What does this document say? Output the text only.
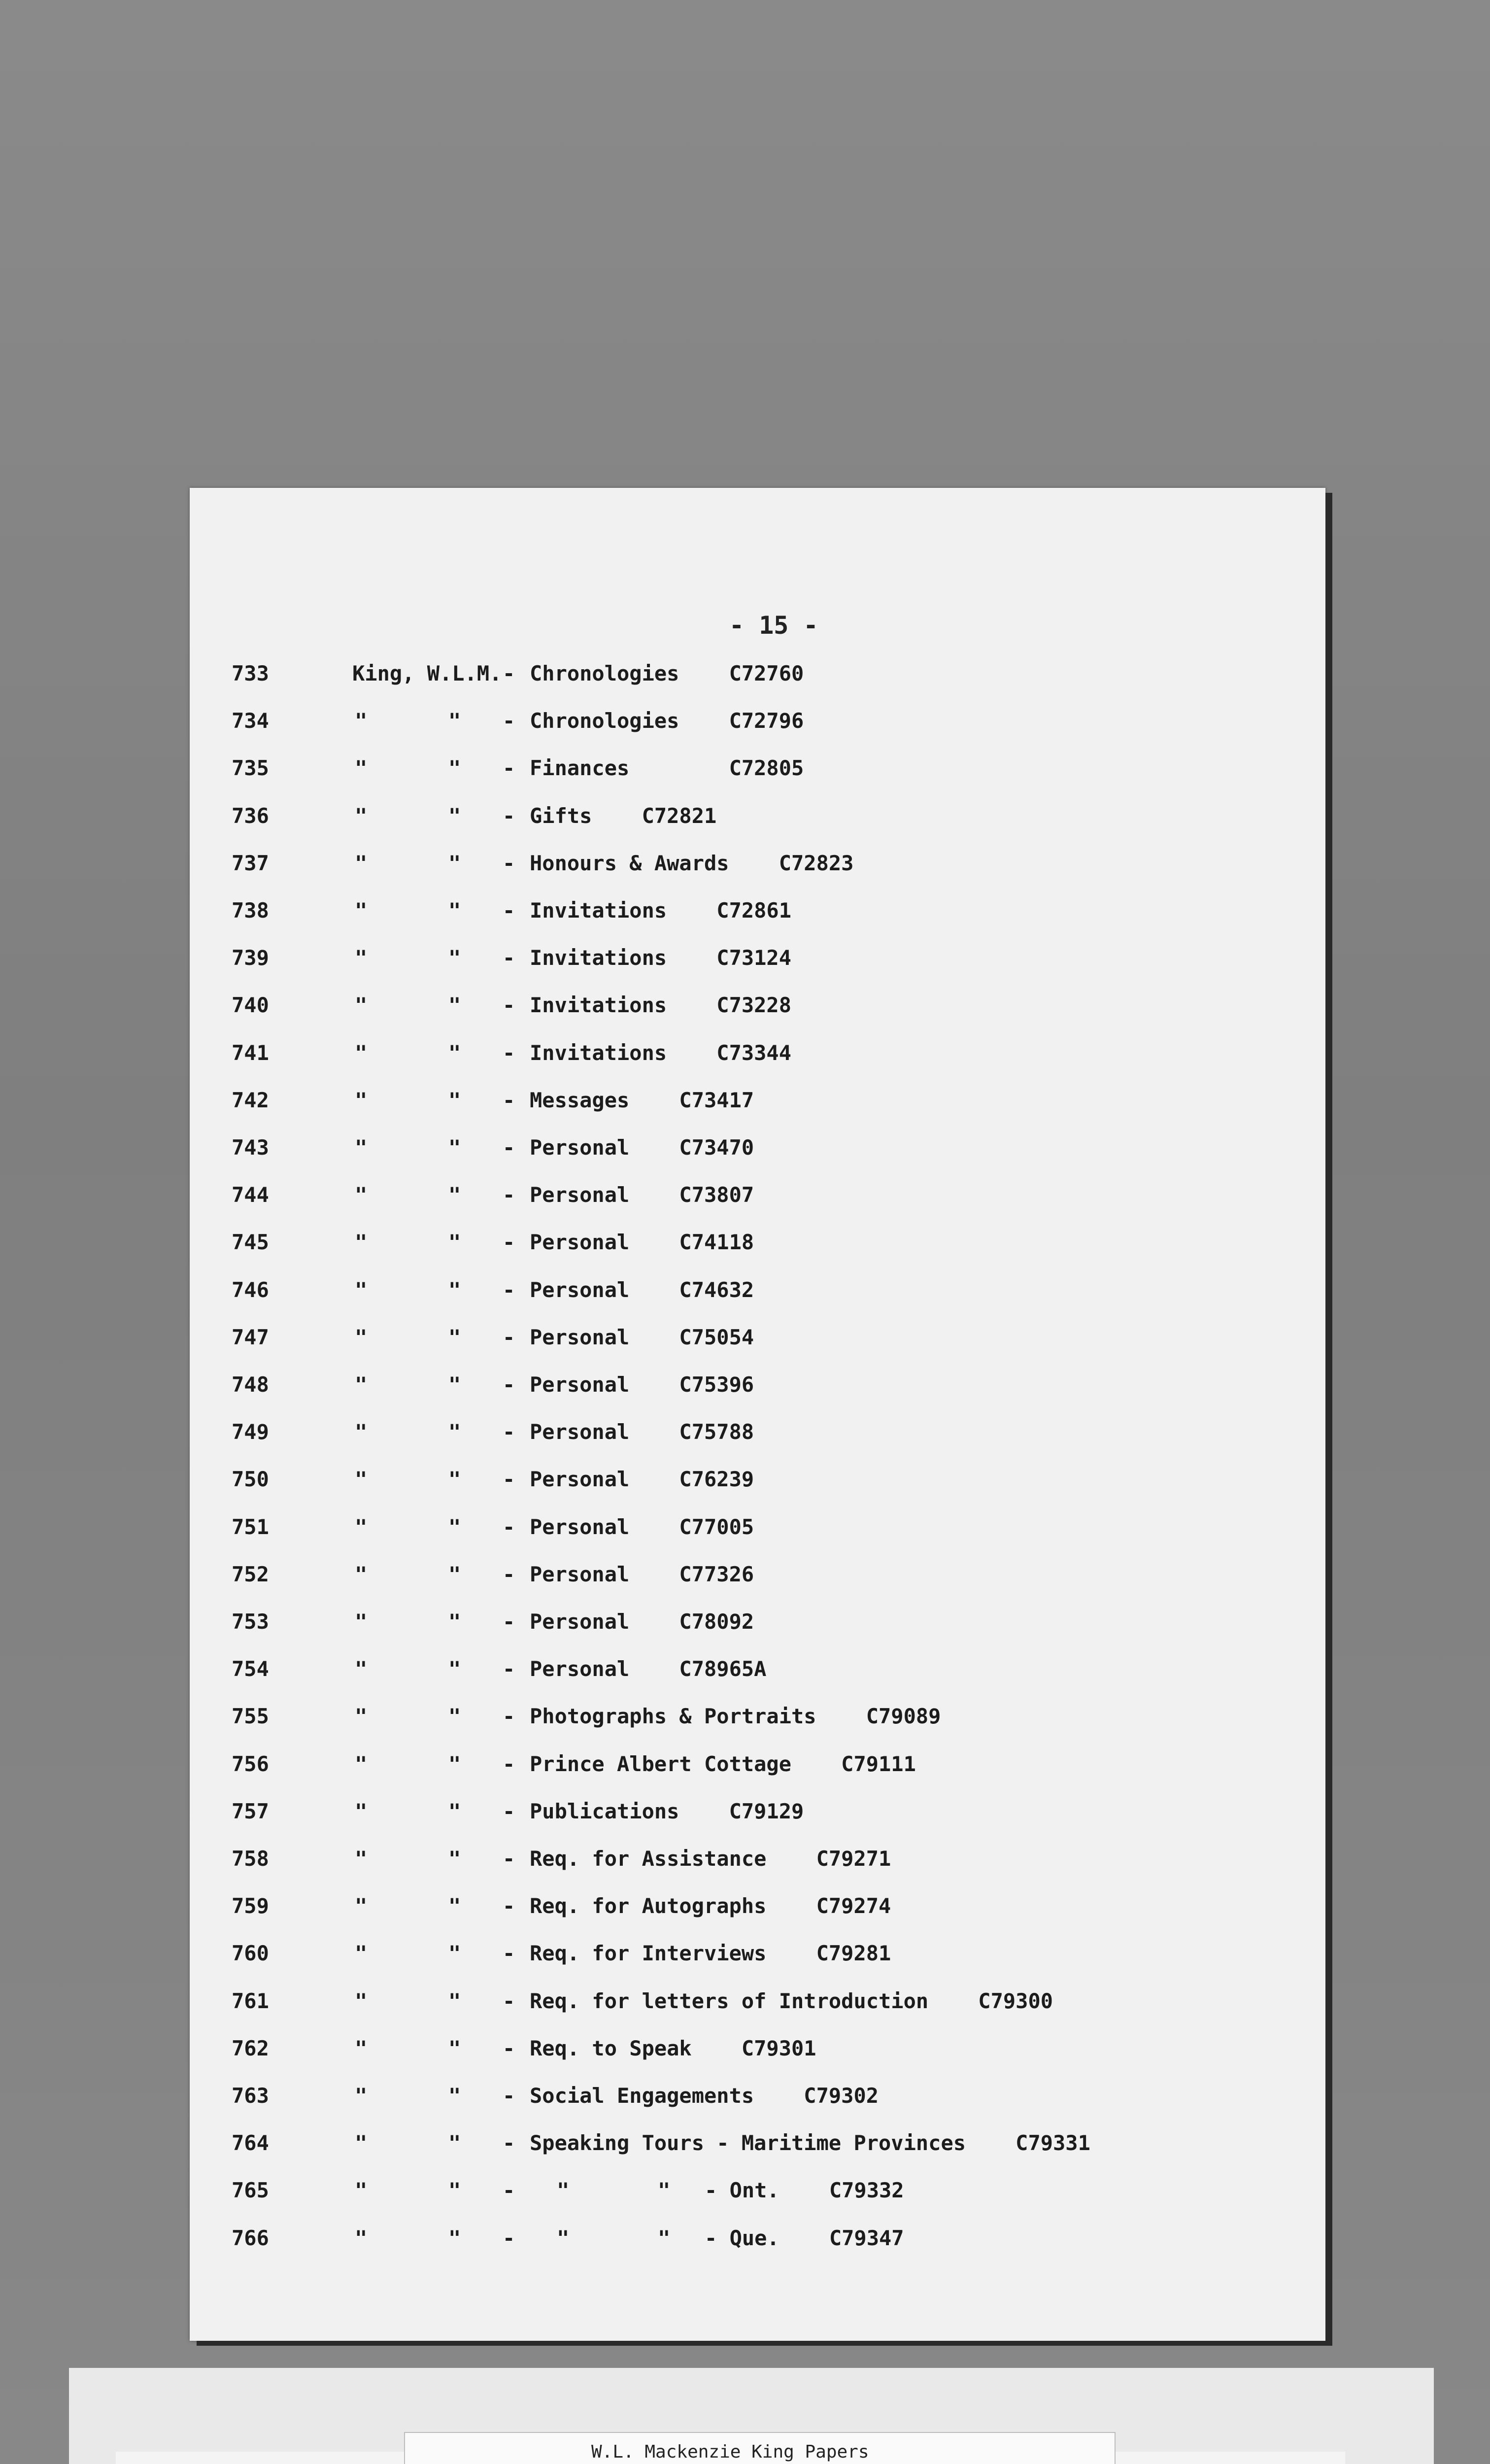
- 15 -
733	King, W.L.M. - Chronologies    C72760
734	"	" - Chronologies    C72796
735	"	" - Finances        C72805
736	"	" - Gifts    C72821
737	"	" - Honours & Awards    C72823
738	"	" - Invitations    C72861
739	"	" - Invitations    C73124
740	"	" - Invitations    C73228
741	"	" - Invitations    C73344
742	"	" - Messages    C73417
743	"	" - Personal    C73470
744	"	" - Personal    C73807
745	"	" - Personal    C74118
746	"	" - Personal    C74632
747	"	" - Personal    C75054
748	"	" - Personal    C75396
749	"	" - Personal    C75788
750	"	" - Personal    C76239
751	"	" - Personal    C77005
752	"	" - Personal    C77326
753	"	" - Personal    C78092
754	"	" - Personal    C78965A
755	"	" - Photographs & Portraits    C79089
756	"	" - Prince Albert Cottage    C79111
757	"	" - Publications    C79129
758	"	" - Req. for Assistance    C79271
759	"	" - Req. for Autographs    C79274
760	"	" - Req. for Interviews    C79281
761	"	" - Req. for letters of Introduction    C79300
762	"	" - Req. to Speak    C79301
763	"	" - Social Engagements    C79302
764	"	" - Speaking Tours - Maritime Provinces    C79331
765	"	" - "	" - Ont.    C79332
766	"	" - "	" - Que.    C79347
W.L. Mackenzie King Papers
